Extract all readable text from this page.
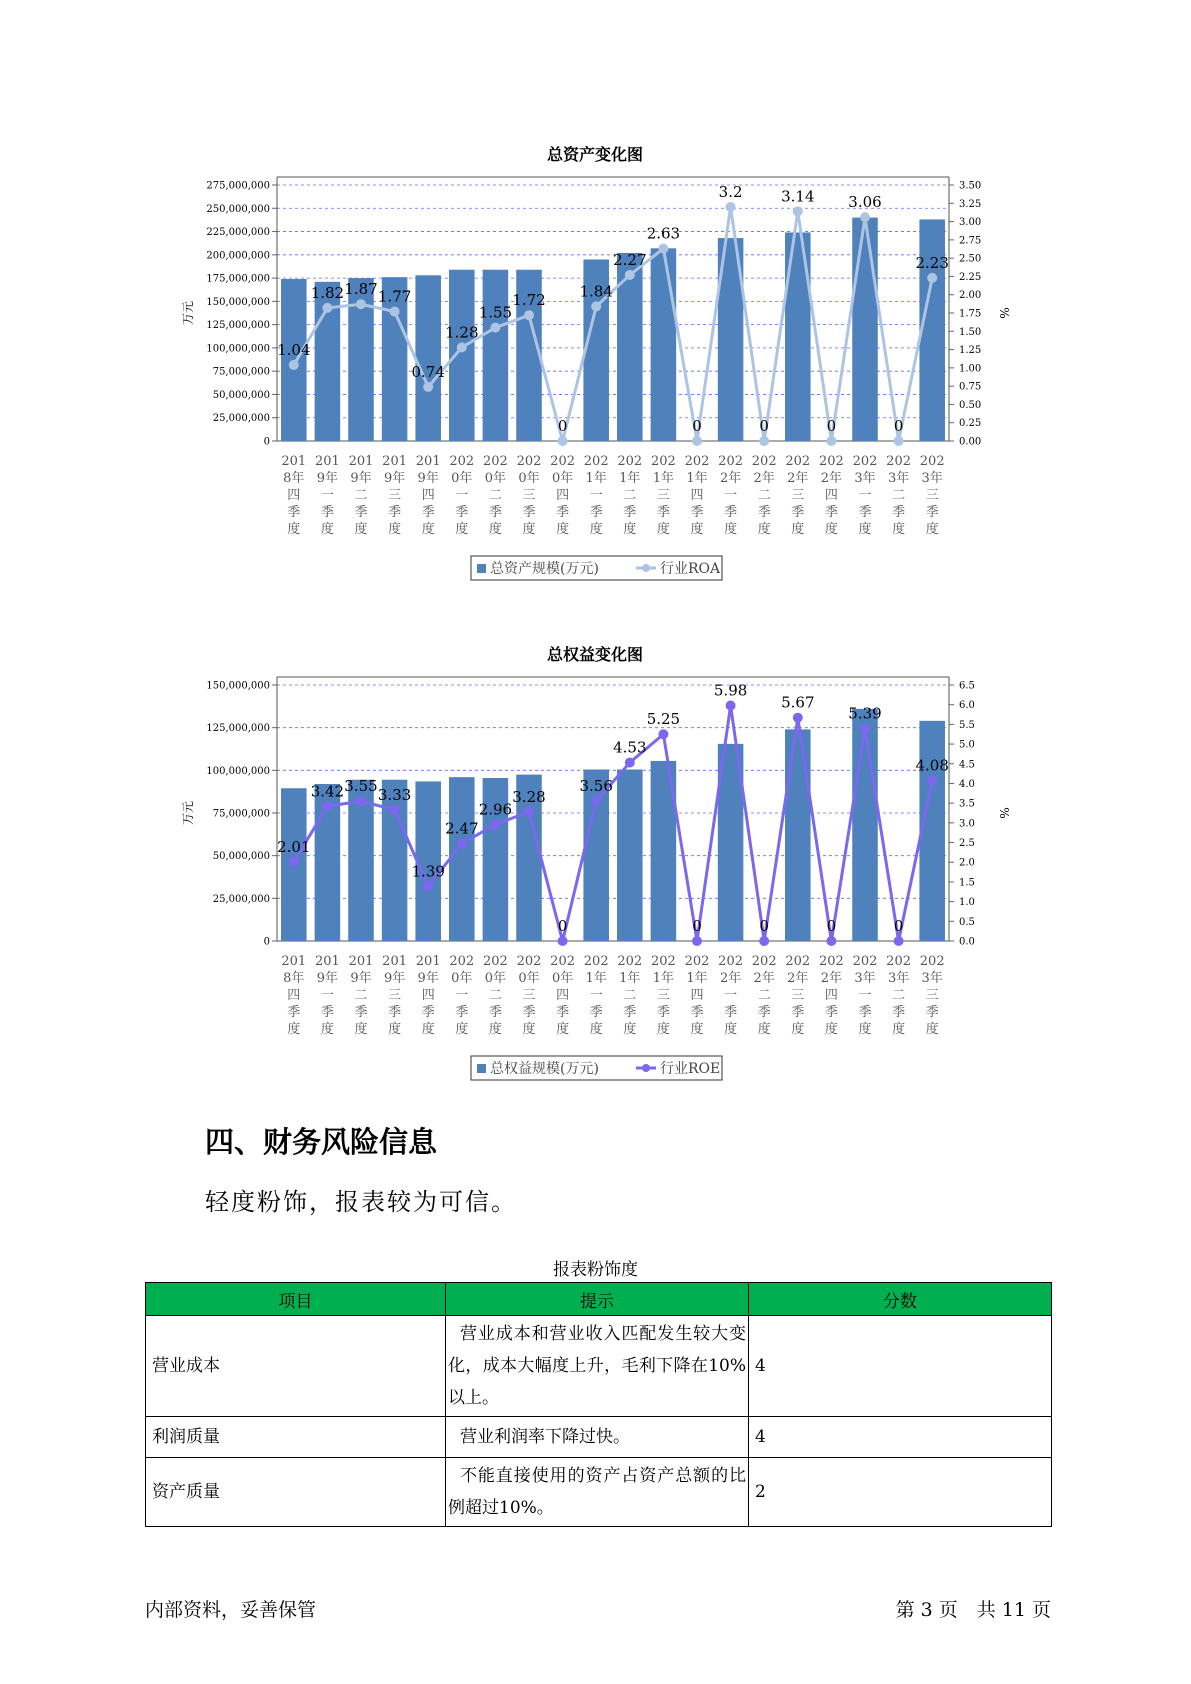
总资产变化图
0
25,000,000
50,000,000
75,000,000
100,000,000
125,000,000
150,000,000
175,000,000
200,000,000
225,000,000
250,000,000
275,000,000
0.00
0.25
0.50
0.75
1.00
1.25
1.50
1.75
2.00
2.25
2.50
2.75
3.00
3.25
3.50
万元	%
1.04
1.82 1.87 1.77
0.74
1.28
1.55
1.72
0
1.84
2.27
2.63
0
3.2
0
3.14
0
3.06
0
2.23
201 8年四季度
201 9年一季度
201 9年二季度
201 9年三季度
201 9年四季度
202 0年一季度
202 0年二季度
202 0年三季度
202 0年四季度
202 1年一季度
202 1年二季度
202 1年三季度
202 1年四季度
202 2年一季度
202 2年二季度
202 2年三季度
202 2年四季度
202 3年一季度
202 3年二季度
202 3年三季度
总资产规模(万元)	行业ROA
总权益变化图
0
25,000,000
50,000,000
75,000,000
100,000,000
125,000,000
150,000,000
0.0
0.5
1.0
1.5
2.0
2.5
3.0
3.5
4.0
4.5
5.0
5.5
6.0
6.5
万元	%
2.01
3.42 3.55 3.33
1.39
2.47
2.96
3.28
0
3.56
4.53
5.25
0
5.98
0
5.67
0
5.39
0
4.08
201 8年四季度
201 9年一季度
201 9年二季度
201 9年三季度
201 9年四季度
202 0年一季度
202 0年二季度
202 0年三季度
202 0年四季度
202 1年一季度
202 1年二季度
202 1年三季度
202 1年四季度
202 2年一季度
202 2年二季度
202 2年三季度
202 2年四季度
202 3年一季度
202 3年二季度
202 3年三季度
总权益规模(万元)	行业ROE
四、财务风险信息

轻度粉饰，报表较为可信。

报表粉饰度

项目	提示	分数
营业成本	营业成本和营业收入匹配发生较大变化，成本大幅度上升，毛利下降在10%以上。	4
利润质量	营业利润率下降过快。	4
资产质量	不能直接使用的资产占资产总额的比例超过10%。	2

内部资料，妥善保管	第 3 页　共 11 页
